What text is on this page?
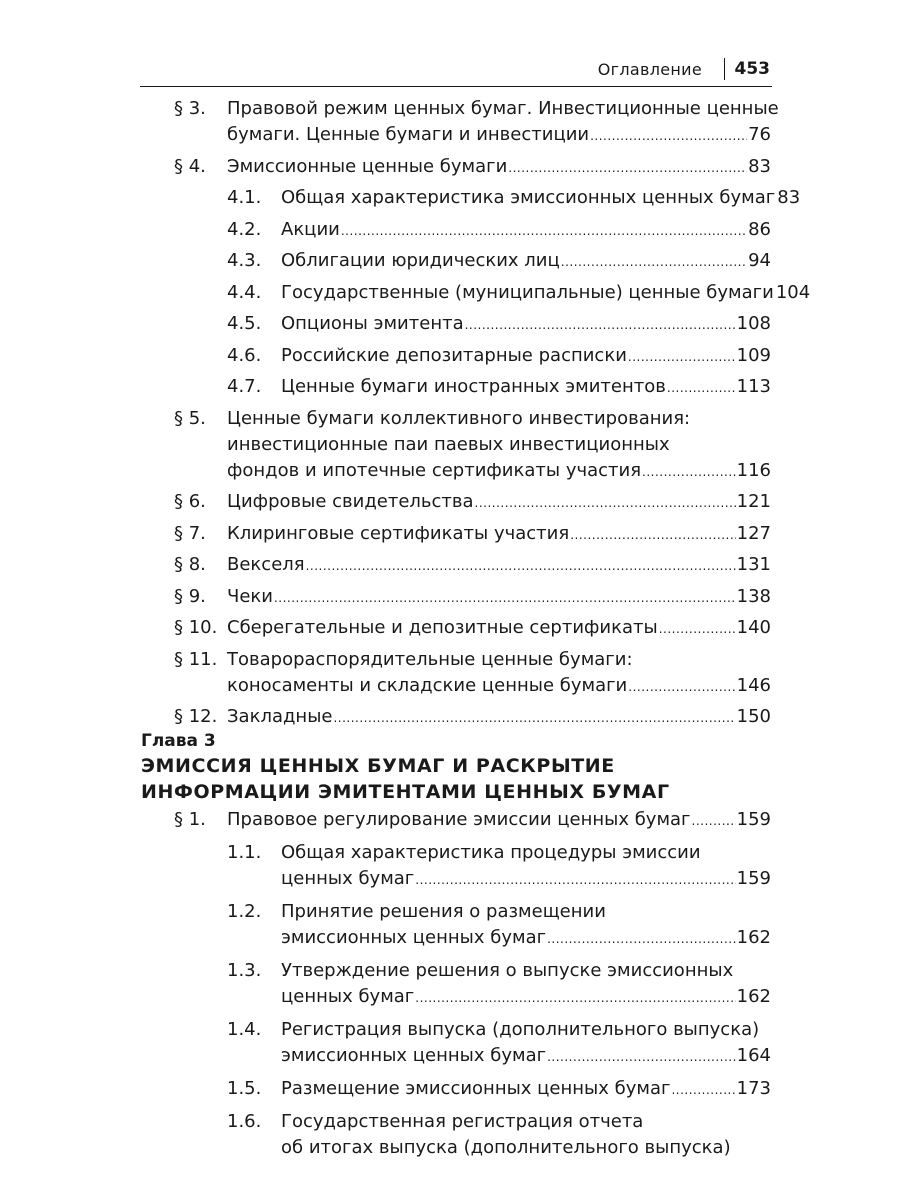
Оглавление 453
§ 3. Правовой режим ценных бумаг. Инвестиционные ценные
бумаги. Ценные бумаги и инвестиции .....	76
§ 4. Эмиссионные ценные бумаги .....	83
4.1. Общая характеристика эмиссионных ценных бумаг 83
4.2. Акции .....	86
4.3. Облигации юридических лиц .....	94
4.4. Государственные (муниципальные) ценные бумаги 104
4.5. Опционы эмитента .....	108
4.6. Российские депозитарные расписки .....	109
4.7. Ценные бумаги иностранных эмитентов .....	113
§ 5. Ценные бумаги коллективного инвестирования:
инвестиционные паи паевых инвестиционных
фондов и ипотечные сертификаты участия .....	116
§ 6. Цифровые свидетельства .....	121
§ 7. Клиринговые сертификаты участия .....	127
§ 8. Векселя .....	131
§ 9. Чеки .....	138
§ 10. Сберегательные и депозитные сертификаты .....	140
§ 11. Товарораспорядительные ценные бумаги:
коносаменты и складские ценные бумаги .....	146
§ 12. Закладные .....	150
Глава 3
ЭМИССИЯ ЦЕННЫХ БУМАГ И РАСКРЫТИЕ
ИНФОРМАЦИИ ЭМИТЕНТАМИ ЦЕННЫХ БУМАГ
§ 1. Правовое регулирование эмиссии ценных бумаг .....	159
1.1. Общая характеристика процедуры эмиссии
ценных бумаг .....	159
1.2. Принятие решения о размещении
эмиссионных ценных бумаг .....	162
1.3. Утверждение решения о выпуске эмиссионных
ценных бумаг .....	162
1.4. Регистрация выпуска (дополнительного выпуска)
эмиссионных ценных бумаг .....	164
1.5. Размещение эмиссионных ценных бумаг .....	173
1.6. Государственная регистрация отчета
об итогах выпуска (дополнительного выпуска)
